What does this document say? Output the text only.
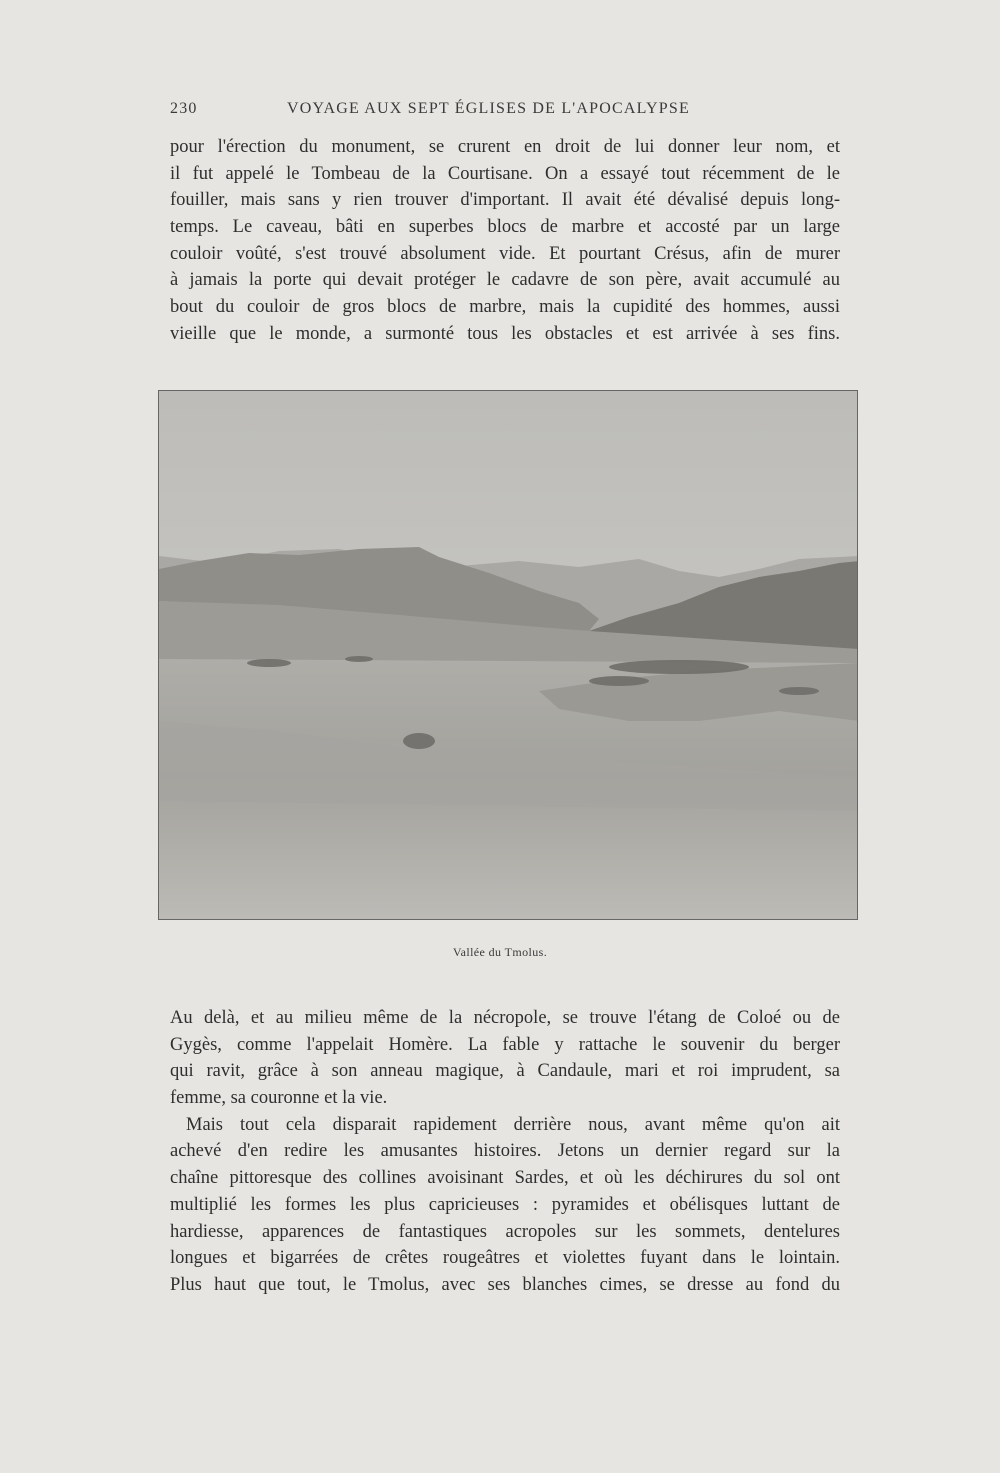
230	VOYAGE AUX SEPT ÉGLISES DE L'APOCALYPSE
pour l'érection du monument, se crurent en droit de lui donner leur nom, et
il fut appelé le Tombeau de la Courtisane. On a essayé tout récemment de le
fouiller, mais sans y rien trouver d'important. Il avait été dévalisé depuis long-
temps. Le caveau, bâti en superbes blocs de marbre et accosté par un large
couloir voûté, s'est trouvé absolument vide. Et pourtant Crésus, afin de murer
à jamais la porte qui devait protéger le cadavre de son père, avait accumulé au
bout du couloir de gros blocs de marbre, mais la cupidité des hommes, aussi
vieille que le monde, a surmonté tous les obstacles et est arrivée à ses fins.
Vallée du Tmolus.
Au delà, et au milieu même de la nécropole, se trouve l'étang de Coloé ou de
Gygès, comme l'appelait Homère. La fable y rattache le souvenir du berger
qui ravit, grâce à son anneau magique, à Candaule, mari et roi imprudent, sa
femme, sa couronne et la vie.
Mais tout cela disparait rapidement derrière nous, avant même qu'on ait
achevé d'en redire les amusantes histoires. Jetons un dernier regard sur la
chaîne pittoresque des collines avoisinant Sardes, et où les déchirures du sol ont
multiplié les formes les plus capricieuses : pyramides et obélisques luttant de
hardiesse, apparences de fantastiques acropoles sur les sommets, dentelures
longues et bigarrées de crêtes rougeâtres et violettes fuyant dans le lointain.
Plus haut que tout, le Tmolus, avec ses blanches cimes, se dresse au fond du
